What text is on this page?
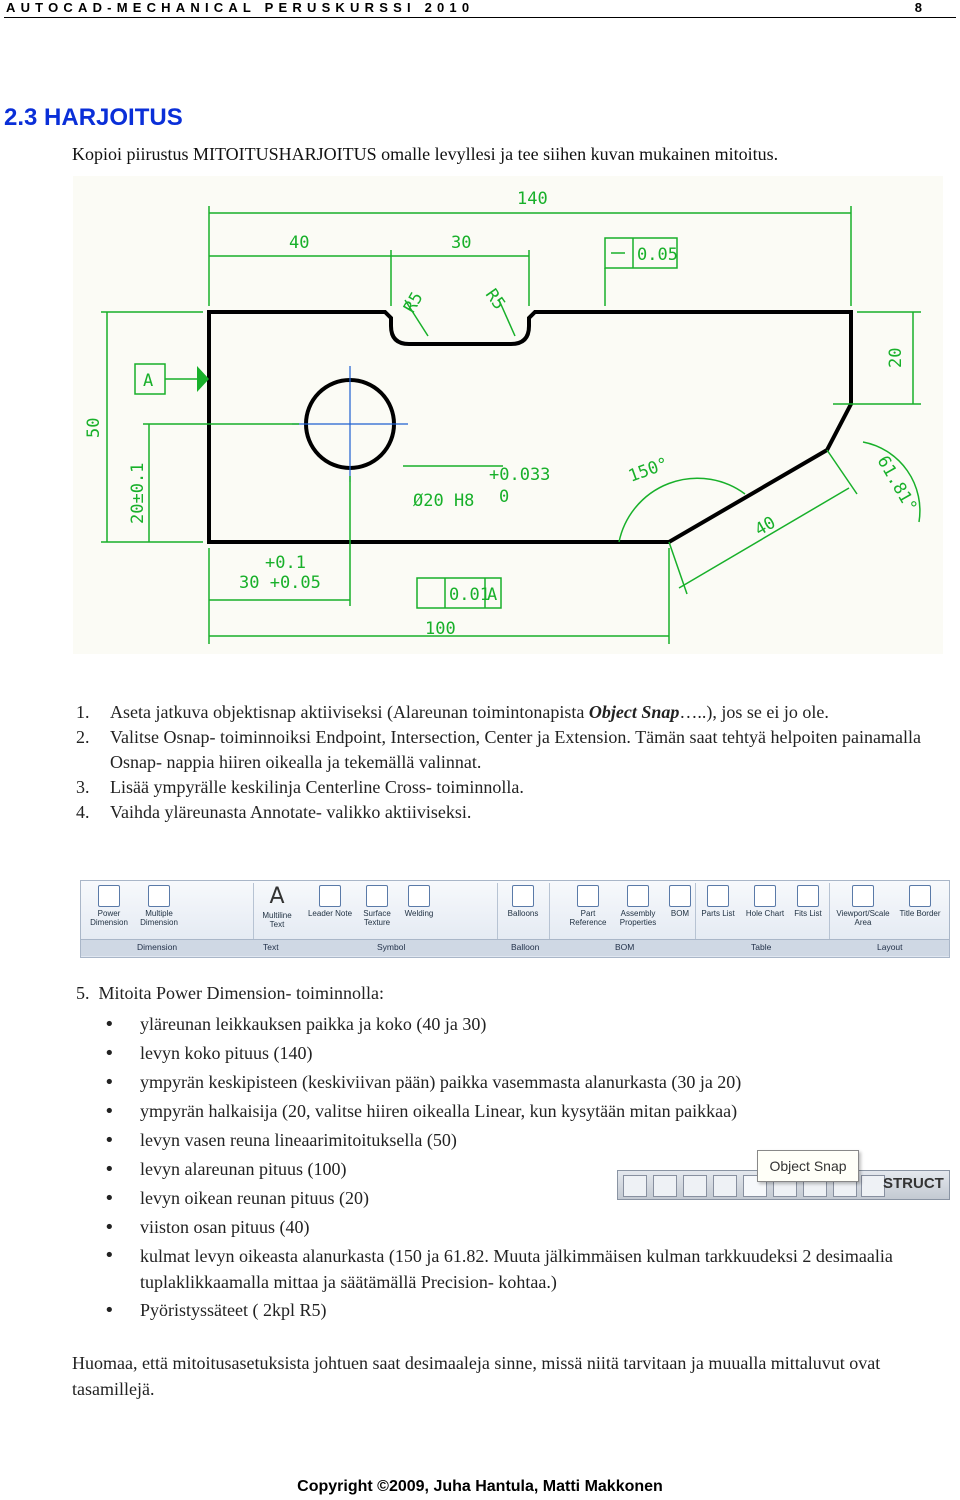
AUTOCAD-MECHANICAL PERUSKURSSI 2010	8
2.3 HARJOITUS
Kopioi piirustus MITOITUSHARJOITUS omalle levyllesi ja tee siihen kuvan mukainen mitoitus.
140
40	30
R5	R5
0.05
20
50
20±0.1
A
150°	61.81°
40
Ø20 H8
+0.033
0
+0.1
30 +0.05
0.01
A
100
1. Aseta jatkuva objektisnap aktiiviseksi (Alareunan toimintonapista Object Snap…..), jos se ei jo ole.
2. Valitse Osnap- toiminnoiksi Endpoint, Intersection, Center ja Extension. Tämän saat tehtyä helpoiten painamalla Osnap- nappia hiiren oikealla ja tekemällä valinnat.
3. Lisää ympyrälle keskilinja Centerline Cross- toiminnolla.
4. Vaihda yläreunasta Annotate- valikko aktiiviseksi.
Power Dimension
Multiple Dimension
A
Multiline Text
Leader Note	Surface Texture
Welding	Balloons	Part Reference
Assembly Properties
BOM	Parts List	Hole Chart	Fits List	Viewport/Scale Area
Title Border
Dimension	Text	Symbol	Balloon	BOM	Table	Layout
5. Mitoita Power Dimension- toiminnolla:
• yläreunan leikkauksen paikka ja koko (40 ja 30)
• levyn koko pituus (140)
• ympyrän keskipisteen (keskiviivan pään) paikka vasemmasta alanurkasta (30 ja 20)
• ympyrän halkaisija (20, valitse hiiren oikealla Linear, kun kysytään mitan paikkaa)
• levyn vasen reuna lineaarimitoituksella (50)
• levyn alareunan pituus (100)
• levyn oikean reunan pituus (20)
• viiston osan pituus (40)
• kulmat levyn oikeasta alanurkasta (150 ja 61.82. Muuta jälkimmäisen kulman tarkkuudeksi 2 desimaalia tuplaklikkaamalla mittaa ja säätämällä Precision- kohtaa.)
• Pyöristyssäteet ( 2kpl R5)
STRUCT
Object Snap
Huomaa, että mitoitusasetuksista johtuen saat desimaaleja sinne, missä niitä tarvitaan ja muualla mittaluvut ovat tasamillejä.
Copyright ©2009, Juha Hantula, Matti Makkonen
